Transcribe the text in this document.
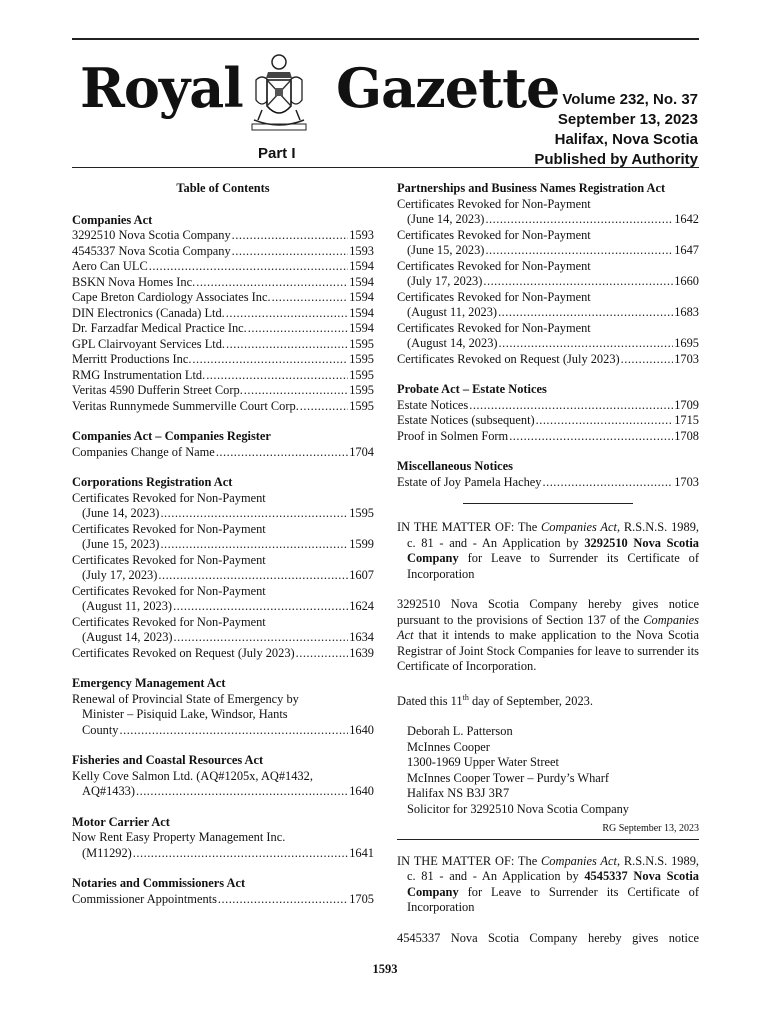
Royal Gazette Volume 232, No. 37
September 13, 2023
Halifax, Nova Scotia
Published by Authority
Part I
Table of Contents
Companies Act
3292510 Nova Scotia Company .....	1593
4545337 Nova Scotia Company .....	1593
Aero Can ULC .....	1594
BSKN Nova Homes Inc. .....	1594
Cape Breton Cardiology Associates Inc. .....	1594
DIN Electronics (Canada) Ltd. .....	1594
Dr. Farzadfar Medical Practice Inc. .....	1594
GPL Clairvoyant Services Ltd. .....	1595
Merritt Productions Inc. .....	1595
RMG Instrumentation Ltd. .....	1595
Veritas 4590 Dufferin Street Corp. .....	1595
Veritas Runnymede Summerville Court Corp. .....	1595
Companies Act – Companies Register
Companies Change of Name .....	1704
Corporations Registration Act
Certificates Revoked for Non-Payment
(June 14, 2023) .....	1595
Certificates Revoked for Non-Payment
(June 15, 2023) .....	1599
Certificates Revoked for Non-Payment
(July 17, 2023) .....	1607
Certificates Revoked for Non-Payment
(August 11, 2023) .....	1624
Certificates Revoked for Non-Payment
(August 14, 2023) .....	1634
Certificates Revoked on Request (July 2023) .....	1639
Emergency Management Act
Renewal of Provincial State of Emergency by
Minister – Pisiquid Lake, Windsor, Hants
County .....	1640
Fisheries and Coastal Resources Act
Kelly Cove Salmon Ltd. (AQ#1205x, AQ#1432,
AQ#1433) .....	1640
Motor Carrier Act
Now Rent Easy Property Management Inc.
(M11292) .....	1641
Notaries and Commissioners Act
Commissioner Appointments .....	1705
Partnerships and Business Names Registration Act
Certificates Revoked for Non-Payment
(June 14, 2023) .....	1642
Certificates Revoked for Non-Payment
(June 15, 2023) .....	1647
Certificates Revoked for Non-Payment
(July 17, 2023) .....	1660
Certificates Revoked for Non-Payment
(August 11, 2023) .....	1683
Certificates Revoked for Non-Payment
(August 14, 2023) .....	1695
Certificates Revoked on Request (July 2023) .....	1703
Probate Act – Estate Notices
Estate Notices .....	1709
Estate Notices (subsequent) .....	1715
Proof in Solmen Form .....	1708
Miscellaneous Notices
Estate of Joy Pamela Hachey .....	1703

IN THE MATTER OF: The Companies Act, R.S.N.S. 1989, c. 81 - and - An Application by 3292510 Nova Scotia Company for Leave to Surrender its Certificate of Incorporation

3292510 Nova Scotia Company hereby gives notice pursuant to the provisions of Section 137 of the Companies Act that it intends to make application to the Nova Scotia Registrar of Joint Stock Companies for leave to surrender its Certificate of Incorporation.

Dated this 11th day of September, 2023.

Deborah L. Patterson
McInnes Cooper
1300-1969 Upper Water Street
McInnes Cooper Tower – Purdy’s Wharf
Halifax NS B3J 3R7
Solicitor for 3292510 Nova Scotia Company
RG September 13, 2023

IN THE MATTER OF: The Companies Act, R.S.N.S. 1989, c. 81 - and - An Application by 4545337 Nova Scotia Company for Leave to Surrender its Certificate of Incorporation

4545337 Nova Scotia Company hereby gives notice

1593
